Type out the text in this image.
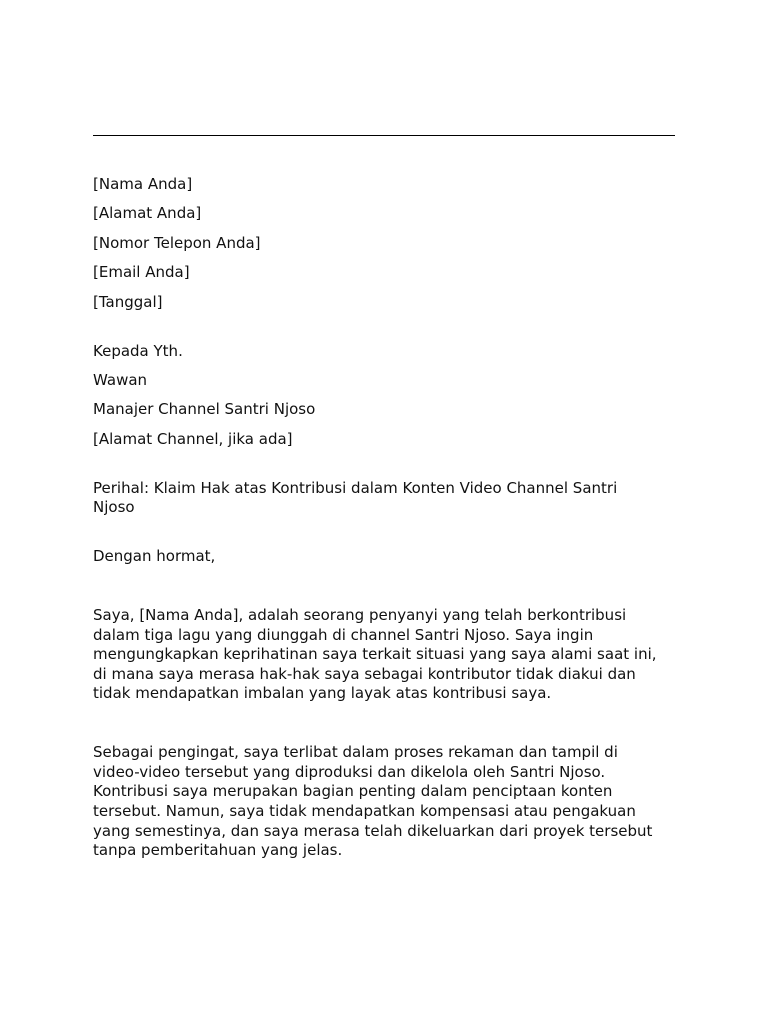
[Nama Anda]
[Alamat Anda]
[Nomor Telepon Anda]
[Email Anda]
[Tanggal]
Kepada Yth.
Wawan
Manajer Channel Santri Njoso
[Alamat Channel, jika ada]
Perihal: Klaim Hak atas Kontribusi dalam Konten Video Channel Santri
Njoso
Dengan hormat,
Saya, [Nama Anda], adalah seorang penyanyi yang telah berkontribusi
dalam tiga lagu yang diunggah di channel Santri Njoso. Saya ingin
mengungkapkan keprihatinan saya terkait situasi yang saya alami saat ini,
di mana saya merasa hak-hak saya sebagai kontributor tidak diakui dan
tidak mendapatkan imbalan yang layak atas kontribusi saya.
Sebagai pengingat, saya terlibat dalam proses rekaman dan tampil di
video-video tersebut yang diproduksi dan dikelola oleh Santri Njoso.
Kontribusi saya merupakan bagian penting dalam penciptaan konten
tersebut. Namun, saya tidak mendapatkan kompensasi atau pengakuan
yang semestinya, dan saya merasa telah dikeluarkan dari proyek tersebut
tanpa pemberitahuan yang jelas.
